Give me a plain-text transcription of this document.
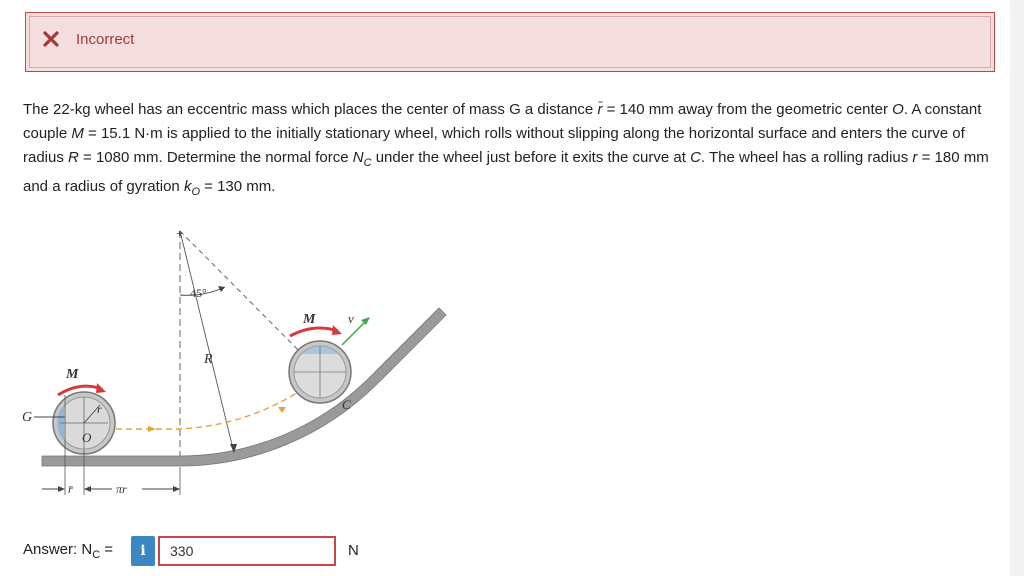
Incorrect
The 22-kg wheel has an eccentric mass which places the center of mass G a distance r̄ = 140 mm away from the geometric center O. A constant couple M = 15.1 N·m is applied to the initially stationary wheel, which rolls without slipping along the horizontal surface and enters the curve of radius R = 1080 mm. Determine the normal force $N_C$ under the wheel just before it exits the curve at C. The wheel has a rolling radius r = 180 mm and a radius of gyration $k_O = 130$ mm.
+
45°
R
G
O
r
M
r̄	πr
M	v
C
Answer: $N_C$ =	i
330	N
